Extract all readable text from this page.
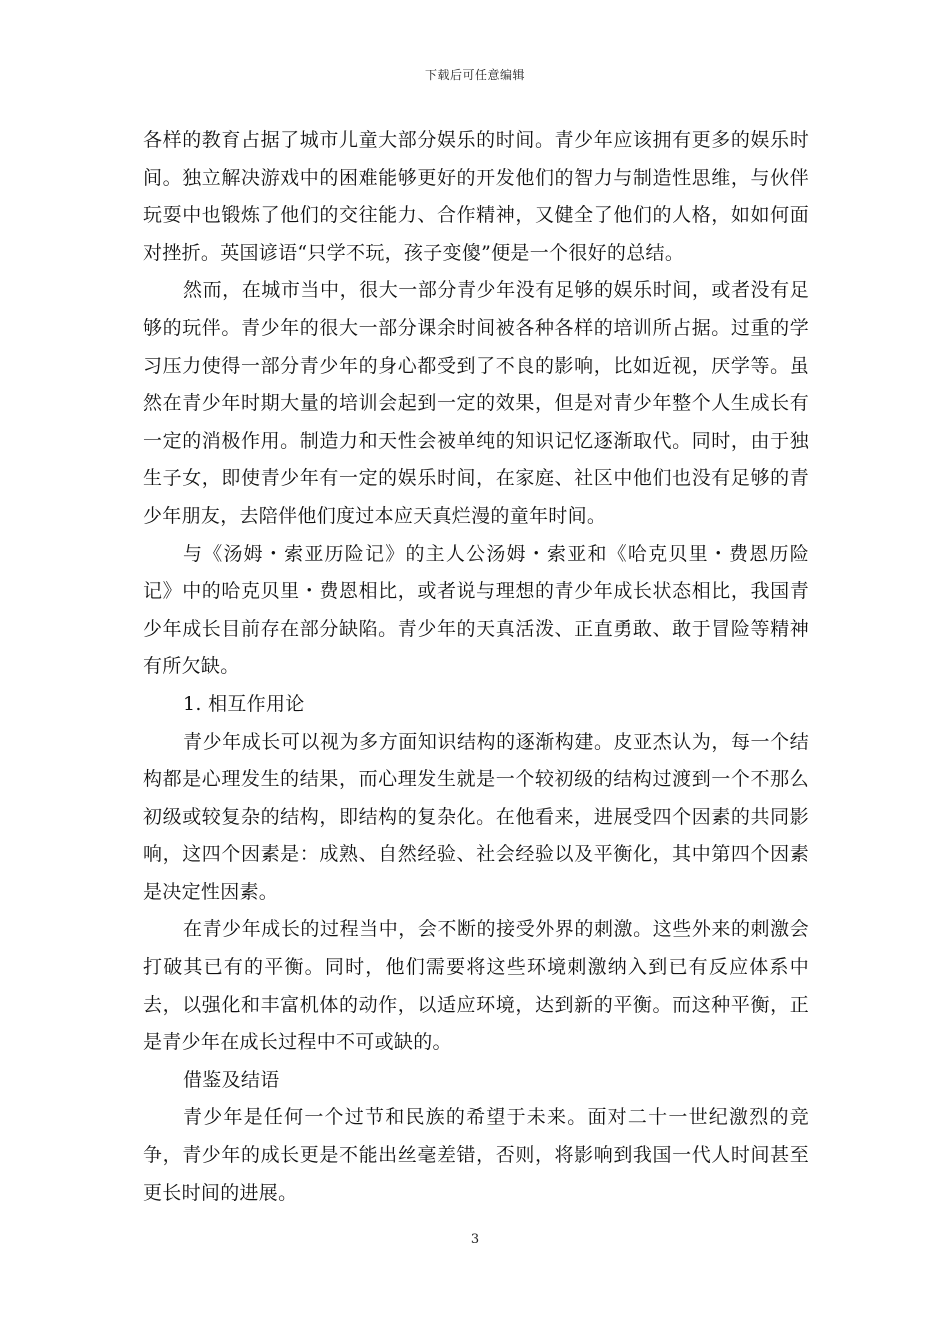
下载后可任意编辑

各样的教育占据了城市儿童大部分娱乐的时间。青少年应该拥有更多的娱乐时间。独立解决游戏中的困难能够更好的开发他们的智力与制造性思维，与伙伴玩耍中也锻炼了他们的交往能力、合作精神，又健全了他们的人格，如如何面对挫折。英国谚语“只学不玩，孩子变傻”便是一个很好的总结。

然而，在城市当中，很大一部分青少年没有足够的娱乐时间，或者没有足够的玩伴。青少年的很大一部分课余时间被各种各样的培训所占据。过重的学习压力使得一部分青少年的身心都受到了不良的影响，比如近视，厌学等。虽然在青少年时期大量的培训会起到一定的效果，但是对青少年整个人生成长有一定的消极作用。制造力和天性会被单纯的知识记忆逐渐取代。同时，由于独生子女，即使青少年有一定的娱乐时间，在家庭、社区中他们也没有足够的青少年朋友，去陪伴他们度过本应天真烂漫的童年时间。

与《汤姆・索亚历险记》的主人公汤姆・索亚和《哈克贝里・费恩历险记》中的哈克贝里・费恩相比，或者说与理想的青少年成长状态相比，我国青少年成长目前存在部分缺陷。青少年的天真活泼、正直勇敢、敢于冒险等精神有所欠缺。

1. 相互作用论

青少年成长可以视为多方面知识结构的逐渐构建。皮亚杰认为，每一个结构都是心理发生的结果，而心理发生就是一个较初级的结构过渡到一个不那么初级或较复杂的结构，即结构的复杂化。在他看来，进展受四个因素的共同影响，这四个因素是：成熟、自然经验、社会经验以及平衡化，其中第四个因素是决定性因素。

在青少年成长的过程当中，会不断的接受外界的刺激。这些外来的刺激会打破其已有的平衡。同时，他们需要将这些环境刺激纳入到已有反应体系中去，以强化和丰富机体的动作，以适应环境，达到新的平衡。而这种平衡，正是青少年在成长过程中不可或缺的。

借鉴及结语

青少年是任何一个过节和民族的希望于未来。面对二十一世纪激烈的竞争，青少年的成长更是不能出丝毫差错，否则，将影响到我国一代人时间甚至更长时间的进展。

3
